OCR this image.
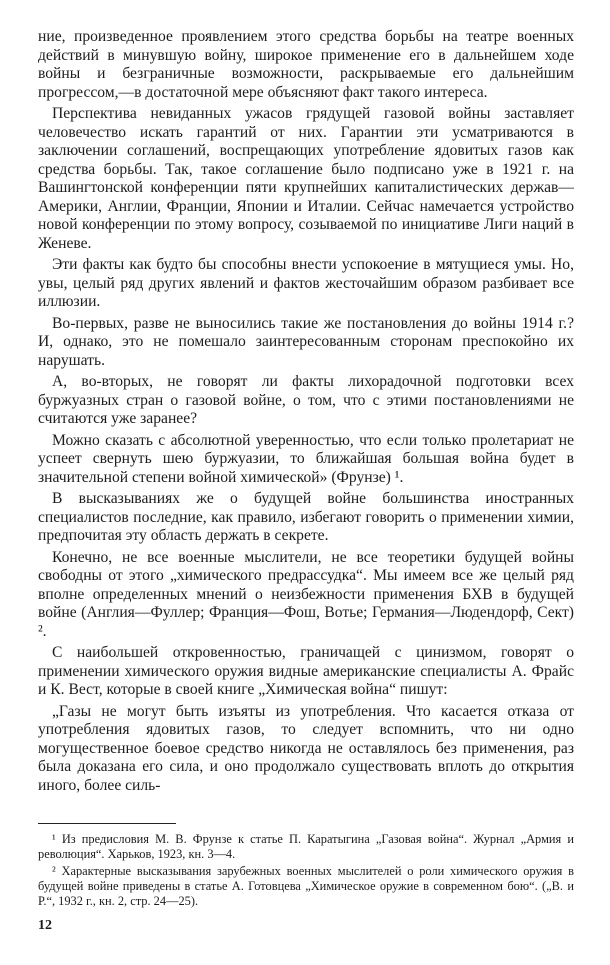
ние, произведенное проявлением этого средства борьбы на театре военных действий в минувшую войну, широкое применение его в дальнейшем ходе войны и безграничные возможности, раскрываемые его дальнейшим прогрессом,—в достаточной мере объясняют факт такого интереса.

Перспектива невиданных ужасов грядущей газовой войны заставляет человечество искать гарантий от них. Гарантии эти усматриваются в заключении соглашений, воспрещающих употребление ядовитых газов как средства борьбы. Так, такое соглашение было подписано уже в 1921 г. на Вашингтонской конференции пяти крупнейших капиталистических держав—Америки, Англии, Франции, Японии и Италии. Сейчас намечается устройство новой конференции по этому вопросу, созываемой по инициативе Лиги наций в Женеве.

Эти факты как будто бы способны внести успокоение в мятущиеся умы. Но, увы, целый ряд других явлений и фактов жесточайшим образом разбивает все иллюзии.

Во-первых, разве не выносились такие же постановления до войны 1914 г.? И, однако, это не помешало заинтересованным сторонам преспокойно их нарушать.

А, во-вторых, не говорят ли факты лихорадочной подготовки всех буржуазных стран о газовой войне, о том, что с этими постановлениями не считаются уже заранее?

Можно сказать с абсолютной уверенностью, что если только пролетариат не успеет свернуть шею буржуазии, то ближайшая большая война будет в значительной степени войной химической» (Фрунзе) ¹.

В высказываниях же о будущей войне большинства иностранных специалистов последние, как правило, избегают говорить о применении химии, предпочитая эту область держать в секрете.

Конечно, не все военные мыслители, не все теоретики будущей войны свободны от этого „химического предрассудка“. Мы имеем все же целый ряд вполне определенных мнений о неизбежности применения БХВ в будущей войне (Англия—Фуллер; Франция—Фош, Вотье; Германия—Людендорф, Сект) ².

С наибольшей откровенностью, граничащей с цинизмом, говорят о применении химического оружия видные американские специалисты А. Фрайс и К. Вест, которые в своей книге „Химическая война“ пишут:

„Газы не могут быть изъяты из употребления. Что касается отказа от употребления ядовитых газов, то следует вспомнить, что ни одно могущественное боевое средство никогда не оставлялось без применения, раз была доказана его сила, и оно продолжало существовать вплоть до открытия иного, более силь-

¹ Из предисловия М. В. Фрунзе к статье П. Каратыгина „Газовая война“. Журнал „Армия и революция“. Харьков, 1923, кн. 3—4.

² Характерные высказывания зарубежных военных мыслителей о роли химического оружия в будущей войне приведены в статье А. Готовцева „Химическое оружие в современном бою“. („В. и Р.“, 1932 г., кн. 2, стр. 24—25).

12
